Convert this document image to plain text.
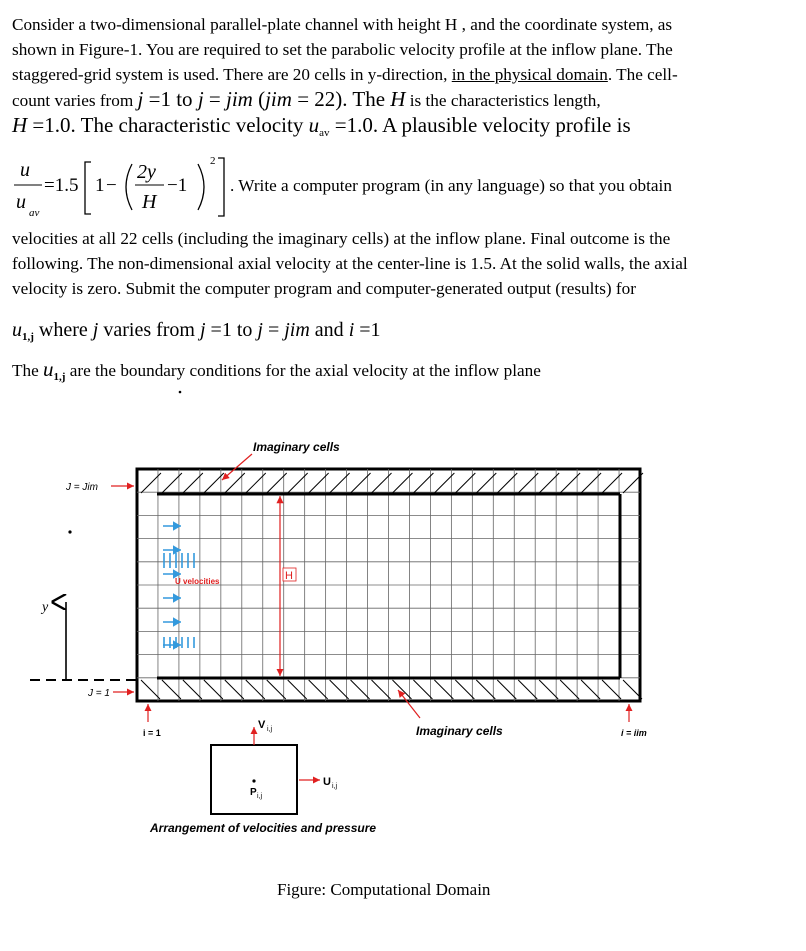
Consider a two-dimensional parallel-plate channel with height H , and the coordinate system, as
shown in Figure-1. You are required to set the parabolic velocity profile at the inflow plane. The
staggered-grid system is used. There are 20 cells in y-direction, in the physical domain. The cell-
count varies from j =1 to j = jim (jim = 22). The H is the characteristics length,
H =1.0. The characteristic velocity $u_{av} =1.0$. A plausible velocity profile is
u
u av
=1.5 1 −
2y
H
−1
2
. Write a computer program (in any language) so that you obtain
velocities at all 22 cells (including the imaginary cells) at the inflow plane. Final outcome is the
following. The non-dimensional axial velocity at the center-line is 1.5. At the solid walls, the axial
velocity is zero. Submit the computer program and computer-generated output (results) for
$u_{1,j}$ where j varies from j =1 to j = jim and i =1
The $u_{1,j}$ are the boundary conditions for the axial velocity at the inflow plane
Imaginary cells
J = Jim
J = 1
y
U velocities	H
Imaginary cells
i = 1	i = iim
V i,j
P i,j
U i,j
Arrangement of velocities and pressure
Figure: Computational Domain
